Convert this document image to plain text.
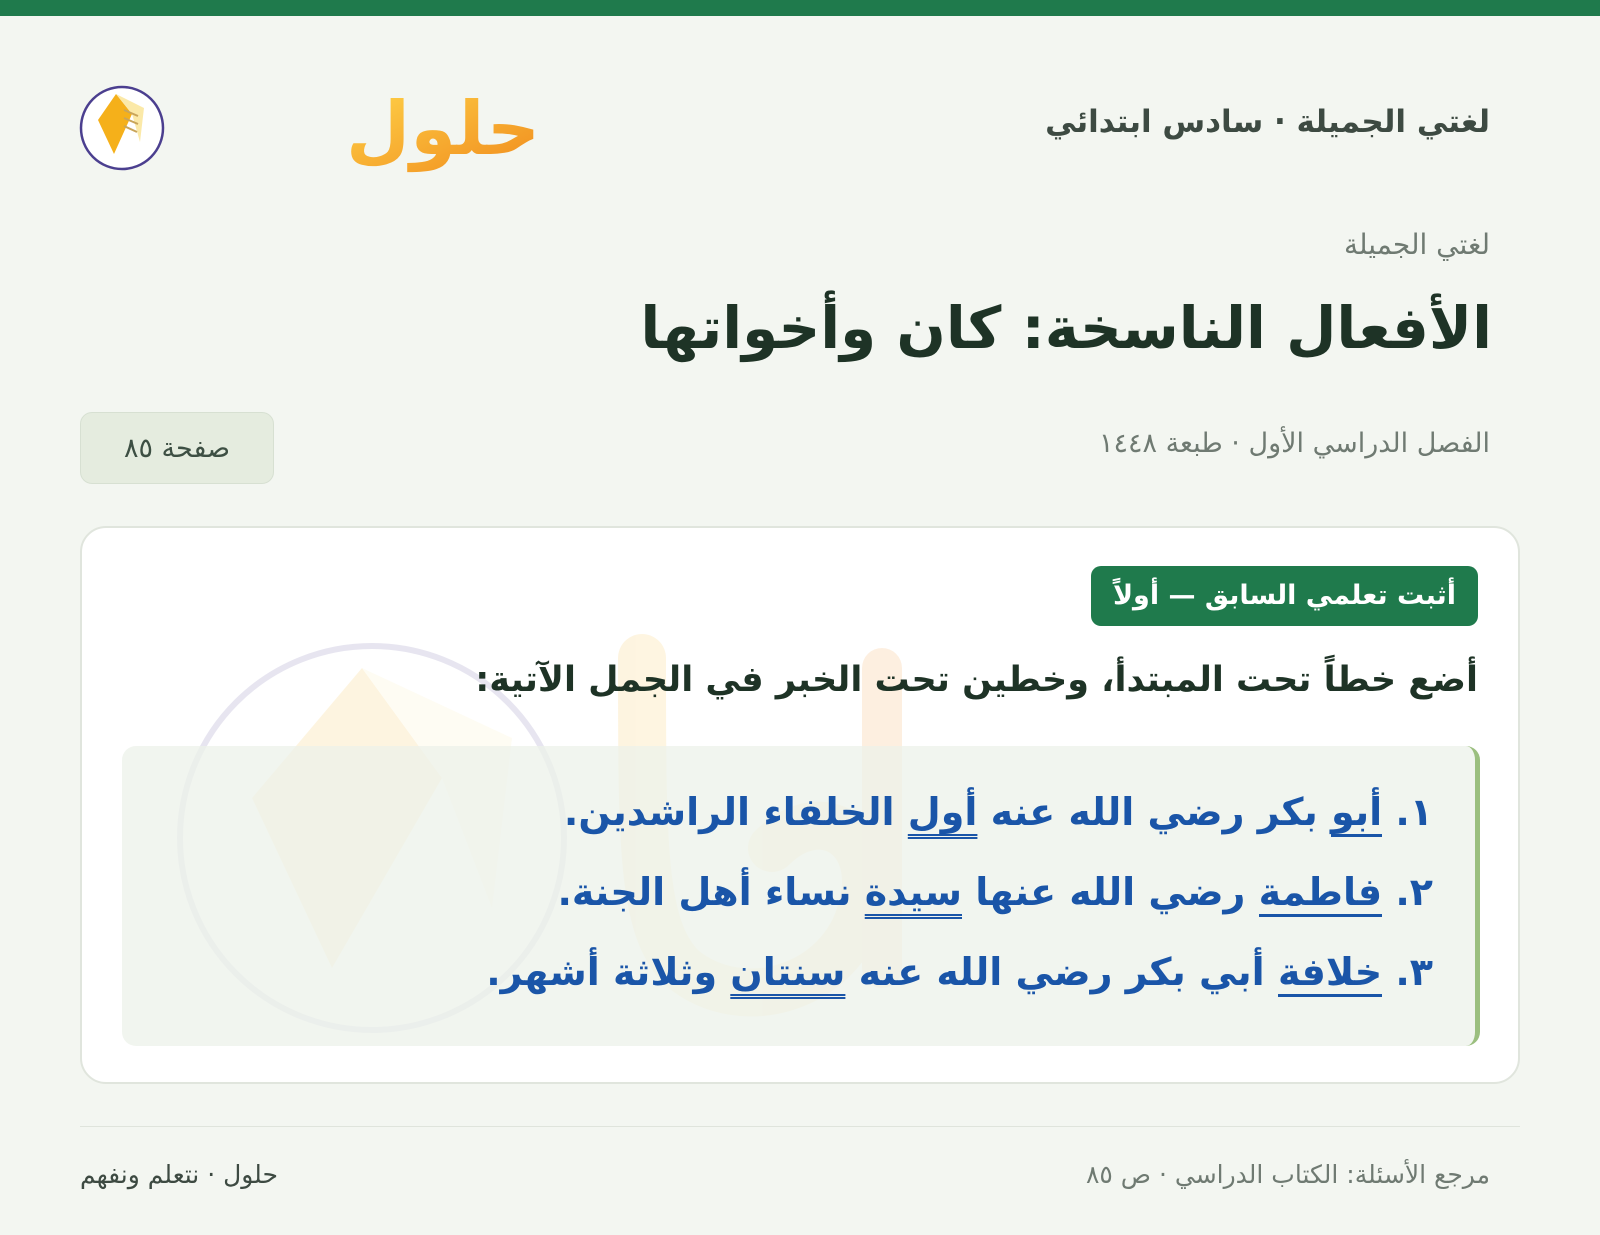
لغتي الجميلة · سادس ابتدائي
حلول
لغتي الجميلة
الأفعال الناسخة: كان وأخواتها
الفصل الدراسي الأول · طبعة ١٤٤٨
صفحة ٨٥
أثبت تعلمي السابق — أولاً

أضع خطاً تحت المبتدأ، وخطين تحت الخبر في الجمل الآتية:

١. أبو بكر رضي الله عنه أول الخلفاء الراشدين.
٢. فاطمة رضي الله عنها سيدة نساء أهل الجنة.
٣. خلافة أبي بكر رضي الله عنه سنتان وثلاثة أشهر.
مرجع الأسئلة: الكتاب الدراسي · ص ٨٥
حلول · نتعلم ونفهم
